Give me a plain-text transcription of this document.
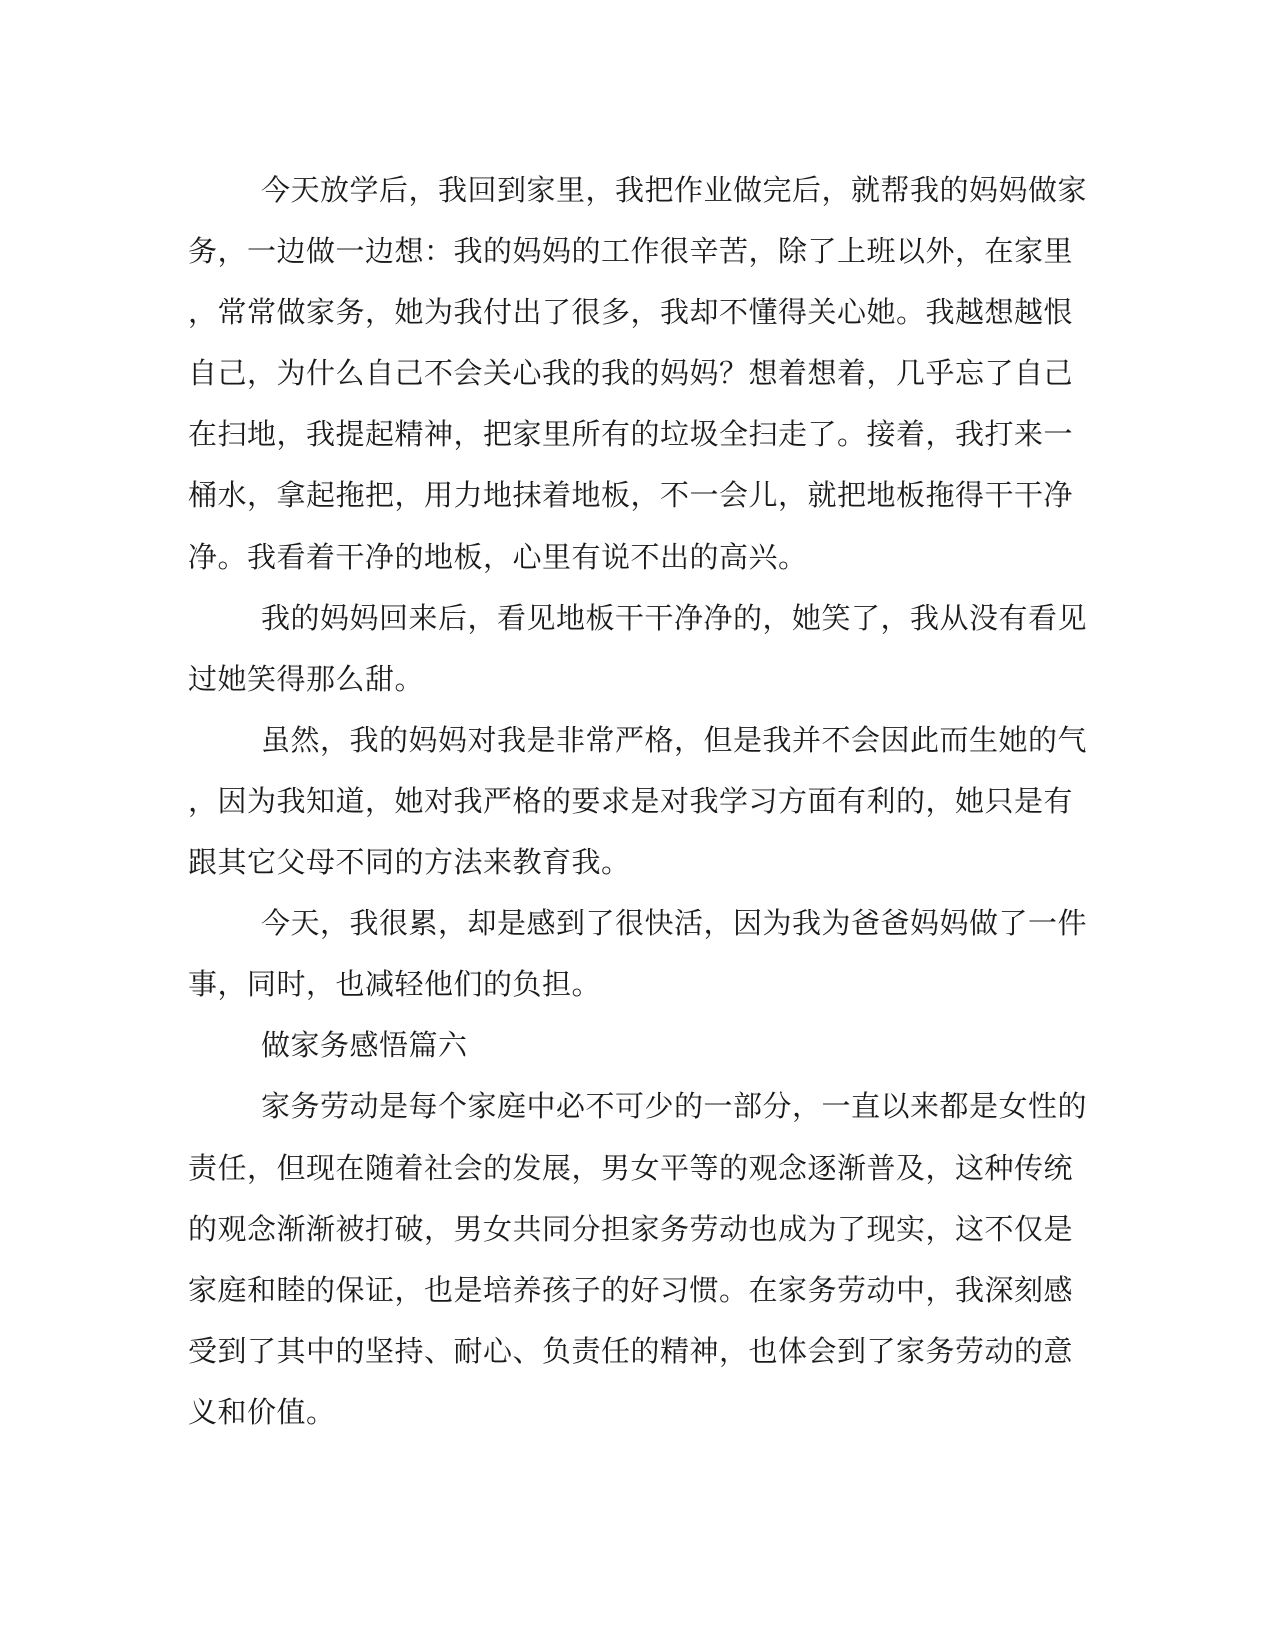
今天放学后，我回到家里，我把作业做完后，就帮我的妈妈做家
务，一边做一边想：我的妈妈的工作很辛苦，除了上班以外，在家里
，常常做家务，她为我付出了很多，我却不懂得关心她。我越想越恨
自己，为什么自己不会关心我的我的妈妈？想着想着，几乎忘了自己
在扫地，我提起精神，把家里所有的垃圾全扫走了。接着，我打来一
桶水，拿起拖把，用力地抹着地板，不一会儿，就把地板拖得干干净
净。我看着干净的地板，心里有说不出的高兴。
我的妈妈回来后，看见地板干干净净的，她笑了，我从没有看见
过她笑得那么甜。
虽然，我的妈妈对我是非常严格，但是我并不会因此而生她的气
，因为我知道，她对我严格的要求是对我学习方面有利的，她只是有
跟其它父母不同的方法来教育我。
今天，我很累，却是感到了很快活，因为我为爸爸妈妈做了一件
事，同时，也减轻他们的负担。
做家务感悟篇六
家务劳动是每个家庭中必不可少的一部分，一直以来都是女性的
责任，但现在随着社会的发展，男女平等的观念逐渐普及，这种传统
的观念渐渐被打破，男女共同分担家务劳动也成为了现实，这不仅是
家庭和睦的保证，也是培养孩子的好习惯。在家务劳动中，我深刻感
受到了其中的坚持、耐心、负责任的精神，也体会到了家务劳动的意
义和价值。
